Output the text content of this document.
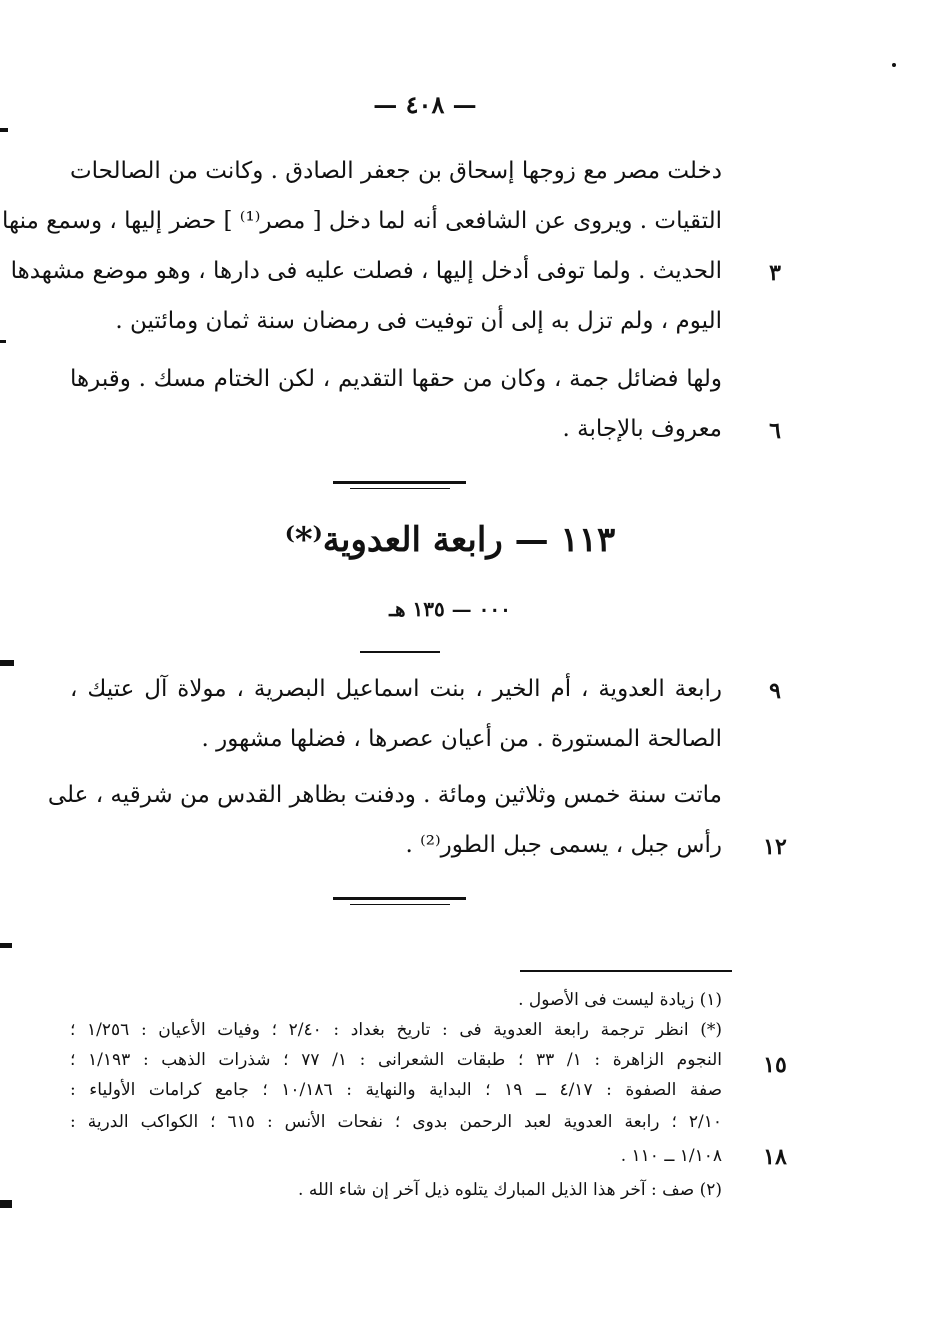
— ٤٠٨ —
دخلت مصر مع زوجها إسحاق بن جعفر الصادق . وكانت من الصالحات
التقيات . ويروى عن الشافعى أنه لما دخل [ مصر⁽¹⁾ ] حضر إليها ، وسمع منها
الحديث . ولما توفى أدخل إليها ، فصلت عليه فى دارها ، وهو موضع مشهدها
اليوم ، ولم تزل به إلى أن توفيت فى رمضان سنة ثمان ومائتين .
ولها فضائل جمة ، وكان من حقها التقديم ، لكن الختام مسك . وقبرها
معروف بالإجابة .
٣
٦
١١٣ — رابعة العدوية⁽*⁾
٠٠٠ — ١٣٥ هـ
رابعة العدوية ، أم الخير ، بنت اسماعيل البصرية ، مولاة آل عتيك ،
الصالحة المستورة . من أعيان عصرها ، فضلها مشهور .
ماتت سنة خمس وثلاثين ومائة . ودفنت بظاهر القدس من شرقيه ، على
رأس جبل ، يسمى جبل الطور⁽²⁾ .
٩
١٢
(١) زيادة ليست فى الأصول .
(*) انظر ترجمة رابعة العدوية فى : تاريخ بغداد : ٢/٤٠ ؛ وفيات الأعيان : ١/٢٥٦ ؛
النجوم الزاهرة : ١/ ٣٣ ؛ طبقات الشعرانى : ١/ ٧٧ ؛ شذرات الذهب : ١/١٩٣ ؛
صفة الصفوة : ٤/١٧ ــ ١٩ ؛ البداية والنهاية : ١٠/١٨٦ ؛ جامع كرامات الأولياء :
٢/١٠ ؛ رابعة العدوية لعبد الرحمن بدوى ؛ نفحات الأنس : ٦١٥ ؛ الكواكب الدرية :
١/١٠٨ ــ ١١٠ .
(٢) صف : آخر هذا الذيل المبارك يتلوه ذيل آخر إن شاء الله .
١٥
١٨
